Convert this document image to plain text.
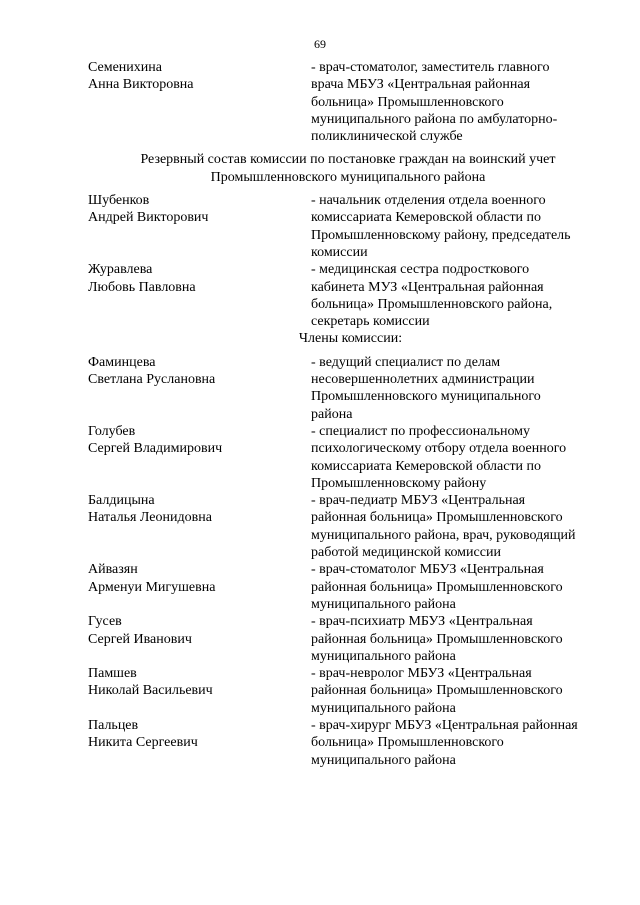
69
Семенихина
Анна Викторовна
- врач-стоматолог, заместитель главного
врача МБУЗ «Центральная районная
больница» Промышленновского
муниципального района по амбулаторно-
поликлинической службе
Резервный состав комиссии по постановке граждан на воинский учет
Промышленновского муниципального района
Шубенков
Андрей Викторович
- начальник отделения отдела военного
комиссариата Кемеровской области по
Промышленновскому району, председатель
комиссии
Журавлева
Любовь Павловна
- медицинская сестра подросткового
кабинета МУЗ «Центральная районная
больница» Промышленновского района,
секретарь комиссии
Члены комиссии:
Фаминцева
Светлана Руслановна
- ведущий специалист по делам
несовершеннолетних администрации
Промышленновского муниципального
района
Голубев
Сергей Владимирович
- специалист по профессиональному
психологическому отбору отдела военного
комиссариата Кемеровской области по
Промышленновскому району
Балдицына
Наталья Леонидовна
- врач-педиатр МБУЗ «Центральная
районная больница» Промышленновского
муниципального района, врач, руководящий
работой медицинской комиссии
Айвазян
Арменуи Мигушевна
- врач-стоматолог МБУЗ «Центральная
районная больница» Промышленновского
муниципального района
Гусев
Сергей Иванович
- врач-психиатр МБУЗ «Центральная
районная больница» Промышленновского
муниципального района
Памшев
Николай Васильевич
- врач-невролог МБУЗ «Центральная
районная больница» Промышленновского
муниципального района
Пальцев
Никита Сергеевич
- врач-хирург МБУЗ «Центральная районная
больница» Промышленновского
муниципального района
